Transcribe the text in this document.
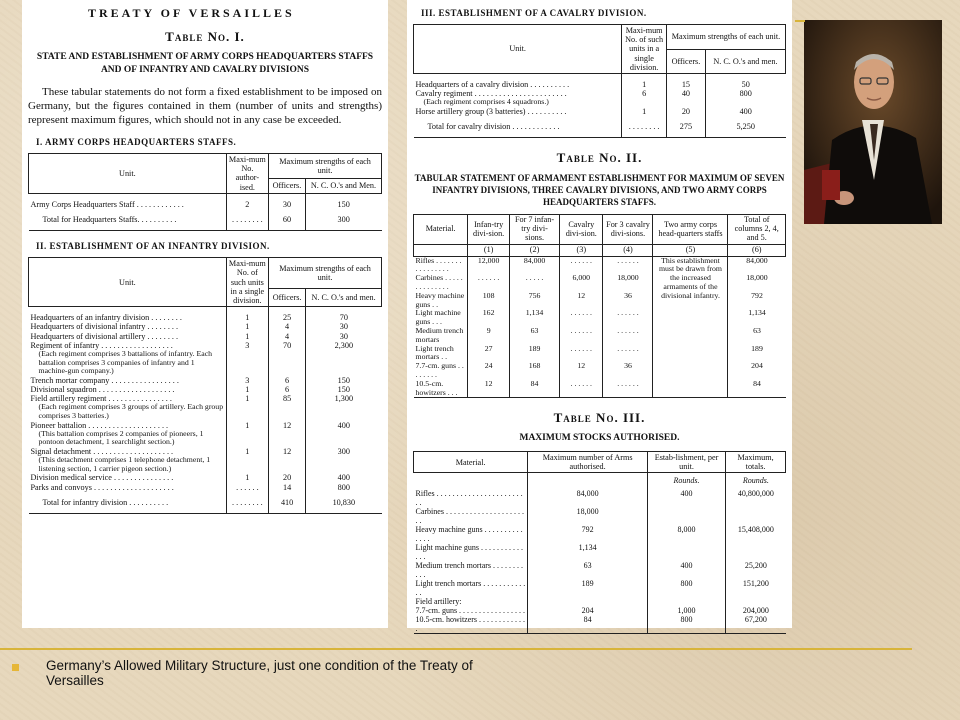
TREATY OF VERSAILLES
Table No. I.
STATE AND ESTABLISHMENT OF ARMY CORPS HEADQUARTERS STAFFS
AND OF INFANTRY AND CAVALRY DIVISIONS
These tabular statements do not form a fixed establishment to be imposed on Germany, but the figures contained in them (number of units and strengths) represent maximum figures, which should not in any case be exceeded.
I. ARMY CORPS HEADQUARTERS STAFFS.
Unit.	Maxi-mum No. author-ised.	Maximum strengths of each unit.	
		Officers.	N. C. O.'s and Men.

Army Corps Headquarters Staff . . . . . . . . . . . .	2	30	150
Total for Headquarters Staffs. . . . . . . . . .	. . . . . . . .	60	300

II. ESTABLISHMENT OF AN INFANTRY DIVISION.
Unit.	Maxi-mum No. of such units in a single division.	Maximum strengths of each unit.	
		Officers.	N. C. O.'s and men.

Headquarters of an infantry division . . . . . . . .	1	25	70
Headquarters of divisional infantry . . . . . . . .	1	4	30
Headquarters of divisional artillery . . . . . . . .	1	4	30
Regiment of infantry . . . . . . . . . . . . . . . . . .	3	70	2,300
(Each regiment comprises 3 battalions of infantry. Each battalion comprises 3 companies of infantry and 1 machine-gun company.)			
Trench mortar company . . . . . . . . . . . . . . . . .	3	6	150
Divisional squadron . . . . . . . . . . . . . . . . . . .	1	6	150
Field artillery regiment . . . . . . . . . . . . . . . .	1	85	1,300
(Each regiment comprises 3 groups of artillery. Each group comprises 3 batteries.)			
Pioneer battalion . . . . . . . . . . . . . . . . . . . .	1	12	400
(This battalion comprises 2 companies of pioneers, 1 pontoon detachment, 1 searchlight section.)			
Signal detachment . . . . . . . . . . . . . . . . . . . .	1	12	300
(This detachment comprises 1 telephone detachment, 1 listening section, 1 carrier pigeon section.)			
Division medical service . . . . . . . . . . . . . . .	1	20	400
Parks and convoys . . . . . . . . . . . . . . . . . . . .	. . . . . .	14	800
Total for infantry division . . . . . . . . . .	. . . . . . . .	410	10,830

III. ESTABLISHMENT OF A CAVALRY DIVISION.
Unit.	Maxi-mum No. of such units in a single division.	Maximum strengths of each unit.	
		Officers.	N. C. O.'s and men.

Headquarters of a cavalry division . . . . . . . . . .	1	15	50
Cavalry regiment . . . . . . . . . . . . . . . . . . . . . . .	6	40	800
(Each regiment comprises 4 squadrons.)			
Horse artillery group (3 batteries) . . . . . . . . . .	1	20	400
Total for cavalry division . . . . . . . . . . . .	. . . . . . . .	275	5,250

Table No. II.
TABULAR STATEMENT OF ARMAMENT ESTABLISHMENT FOR MAXIMUM OF SEVEN INFANTRY DIVISIONS, THREE CAVALRY DIVISIONS, AND TWO ARMY CORPS HEADQUARTERS STAFFS.
Material.	Infan-try divi-sion.	For 7 infan-try divi-sions.	Cavalry divi-sion.	For 3 cavalry divi-sions.	Two army corps head-quarters staffs	Total of columns 2, 4, and 5.
	(1)	(2)	(3)	(4)	(5)	(6)
Rifles . . . . . . . . . . . . . . . .	12,000	84,000	. . . . . .	. . . . . .	This establishment must be drawn from the increased armaments of the divisional infantry.	84,000
Carbines . . . . . . . . . . . . . .	. . . . . .	. . . . .	6,000	18,000		18,000
Heavy machine guns . .	108	756	12	36		792
Light machine guns . . .	162	1,134	. . . . . .	. . . . . .		1,134
Medium trench mortars	9	63	. . . . . .	. . . . . .		63
Light trench mortars . .	27	189	. . . . . .	. . . . . .		189
7.7-cm. guns . . . . . . . .	24	168	12	36		204
10.5-cm. howitzers . . .	12	84	. . . . . .	. . . . . .		84
Table No. III.
MAXIMUM STOCKS AUTHORISED.
Material.	Maximum number of Arms authorised.	Estab-lishment, per unit.	Maximum, totals.
		Rounds.	Rounds.
Rifles . . . . . . . . . . . . . . . . . . . . . . . .	84,000	400	40,800,000
Carbines . . . . . . . . . . . . . . . . . . . . . .	18,000		
Heavy machine guns . . . . . . . . . . . . . .	792	8,000	15,408,000
Light machine guns . . . . . . . . . . . . . .	1,134		
Medium trench mortars . . . . . . . . . . .	63	400	25,200
Light trench mortars . . . . . . . . . . . . .	189	800	151,200
Field artillery:			
7.7-cm. guns . . . . . . . . . . . . . . . . .	204	1,000	204,000
10.5-cm. howitzers . . . . . . . . . . . . .	84	800	67,200
Germany’s Allowed Military Structure, just one condition of the Treaty of Versailles
